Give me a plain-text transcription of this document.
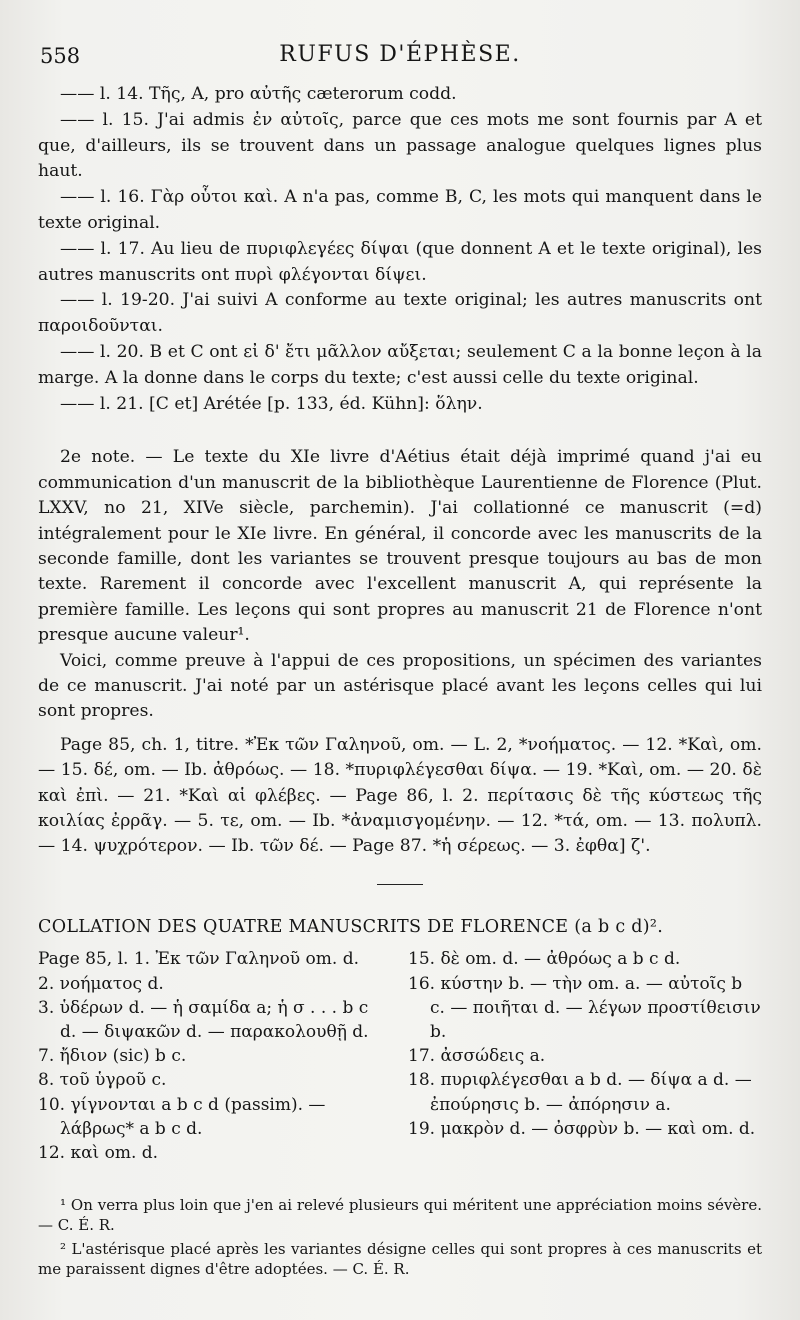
558	RUFUS D'ÉPHÈSE.

—— l. 14. Τῆς, A, pro αὐτῆς cæterorum codd.

—— l. 15. J'ai admis ἐν αὐτοῖς, parce que ces mots me sont fournis par A et que, d'ailleurs, ils se trouvent dans un passage analogue quelques lignes plus haut.

—— l. 16. Γὰρ οὗτοι καὶ. A n'a pas, comme B, C, les mots qui manquent dans le texte original.

—— l. 17. Au lieu de πυριφλεγέες δίψαι (que donnent A et le texte original), les autres manuscrits ont πυρὶ φλέγονται δίψει.

—— l. 19-20. J'ai suivi A conforme au texte original; les autres manuscrits ont παροιδοῦνται.

—— l. 20. B et C ont εἰ δ' ἔτι μᾶλλον αὔξεται; seulement C a la bonne leçon à la marge. A la donne dans le corps du texte; c'est aussi celle du texte original.

—— l. 21. [C et] Arétée [p. 133, éd. Kühn]: ὅλην.

2e note. — Le texte du XIe livre d'Aétius était déjà imprimé quand j'ai eu communication d'un manuscrit de la bibliothèque Laurentienne de Florence (Plut. LXXV, no 21, XIVe siècle, parchemin). J'ai collationné ce manuscrit (=d) intégralement pour le XIe livre. En général, il concorde avec les manuscrits de la seconde famille, dont les variantes se trouvent presque toujours au bas de mon texte. Rarement il concorde avec l'excellent manuscrit A, qui représente la première famille. Les leçons qui sont propres au manuscrit 21 de Florence n'ont presque aucune valeur¹.

Voici, comme preuve à l'appui de ces propositions, un spécimen des variantes de ce manuscrit. J'ai noté par un astérisque placé avant les leçons celles qui lui sont propres.

Page 85, ch. 1, titre. *Ἐκ τῶν Γαληνοῦ, om. — L. 2, *νοήματος. — 12. *Καὶ, om. — 15. δέ, om. — Ib. ἀθρόως. — 18. *πυριφλέγεσθαι δίψα. — 19. *Καὶ, om. — 20. δὲ καὶ ἐπὶ. — 21. *Καὶ αἱ φλέβες. — Page 86, l. 2. περίτασις δὲ τῆς κύστεως τῆς κοιλίας ἐρρᾶγ. — 5. τε, om. — Ib. *ἀναμισγομένην. — 12. *τά, om. — 13. πολυπλ. — 14. ψυχρότερον. — Ib. τῶν δέ. — Page 87. *ἡ σέρεως. — 3. ἐφθα] ζ'.

COLLATION DES QUATRE MANUSCRITS DE FLORENCE (a b c d)².
Page 85, l. 1. Ἐκ τῶν Γαληνοῦ om. d.
2. νοήματος d.
3. ὑδέρων d. — ἡ σαμίδα a; ἡ σ . . . b c d. — διψακῶν d. — παρακολουθῇ d.
7. ἤδιον (sic) b c.
8. τοῦ ὑγροῦ c.
10. γίγνονται a b c d (passim). — λάβρως* a b c d.
12. καὶ om. d.
15. δὲ om. d. — ἀθρόως a b c d.
16. κύστην b. — τὴν om. a. — αὐτοῖς b c. — ποιῆται d. — λέγων προστίθεισιν b.
17. ἀσσώδεις a.
18. πυριφλέγεσθαι a b d. — δίψα a d. — ἐπούρησις b. — ἀπόρησιν a.
19. μακρὸν d. — ὀσφρὺν b. — καὶ om. d.

¹ On verra plus loin que j'en ai relevé plusieurs qui méritent une appréciation moins sévère. — C. É. R.

² L'astérisque placé après les variantes désigne celles qui sont propres à ces manuscrits et me paraissent dignes d'être adoptées. — C. É. R.
